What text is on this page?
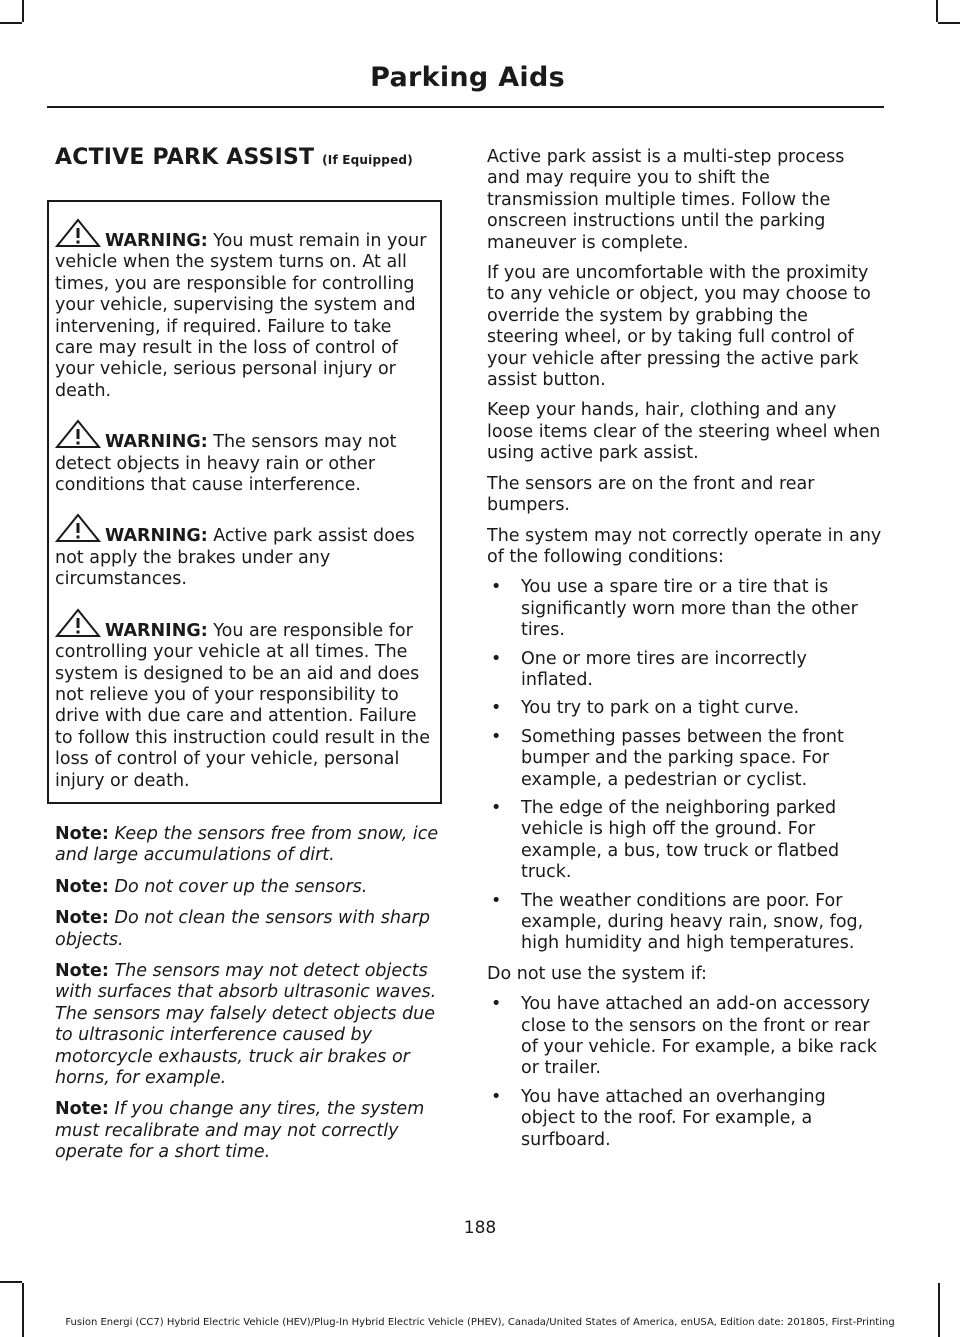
Parking Aids
ACTIVE PARK ASSIST (If Equipped)

WARNING: You must remain in your vehicle when the system turns on. At all times, you are responsible for controlling your vehicle, supervising the system and intervening, if required. Failure to take care may result in the loss of control of your vehicle, serious personal injury or death.

WARNING: The sensors may not detect objects in heavy rain or other conditions that cause interference.

WARNING: Active park assist does not apply the brakes under any circumstances.

WARNING: You are responsible for controlling your vehicle at all times. The system is designed to be an aid and does not relieve you of your responsibility to drive with due care and attention. Failure to follow this instruction could result in the loss of control of your vehicle, personal injury or death.

Note: Keep the sensors free from snow, ice and large accumulations of dirt.

Note: Do not cover up the sensors.

Note: Do not clean the sensors with sharp objects.

Note: The sensors may not detect objects with surfaces that absorb ultrasonic waves. The sensors may falsely detect objects due to ultrasonic interference caused by motorcycle exhausts, truck air brakes or horns, for example.

Note: If you change any tires, the system must recalibrate and may not correctly operate for a short time.

Active park assist is a multi-step process and may require you to shift the transmission multiple times. Follow the onscreen instructions until the parking maneuver is complete.

If you are uncomfortable with the proximity to any vehicle or object, you may choose to override the system by grabbing the steering wheel, or by taking full control of your vehicle after pressing the active park assist button.

Keep your hands, hair, clothing and any loose items clear of the steering wheel when using active park assist.

The sensors are on the front and rear bumpers.

The system may not correctly operate in any of the following conditions:

• You use a spare tire or a tire that is significantly worn more than the other tires.
• One or more tires are incorrectly inflated.
• You try to park on a tight curve.
• Something passes between the front bumper and the parking space. For example, a pedestrian or cyclist.
• The edge of the neighboring parked vehicle is high off the ground. For example, a bus, tow truck or flatbed truck.
• The weather conditions are poor. For example, during heavy rain, snow, fog, high humidity and high temperatures.

Do not use the system if:

• You have attached an add-on accessory close to the sensors on the front or rear of your vehicle. For example, a bike rack or trailer.
• You have attached an overhanging object to the roof. For example, a surfboard.
188
Fusion Energi (CC7) Hybrid Electric Vehicle (HEV)/Plug-In Hybrid Electric Vehicle (PHEV), Canada/United States of America, enUSA, Edition date: 201805, First-Printing
